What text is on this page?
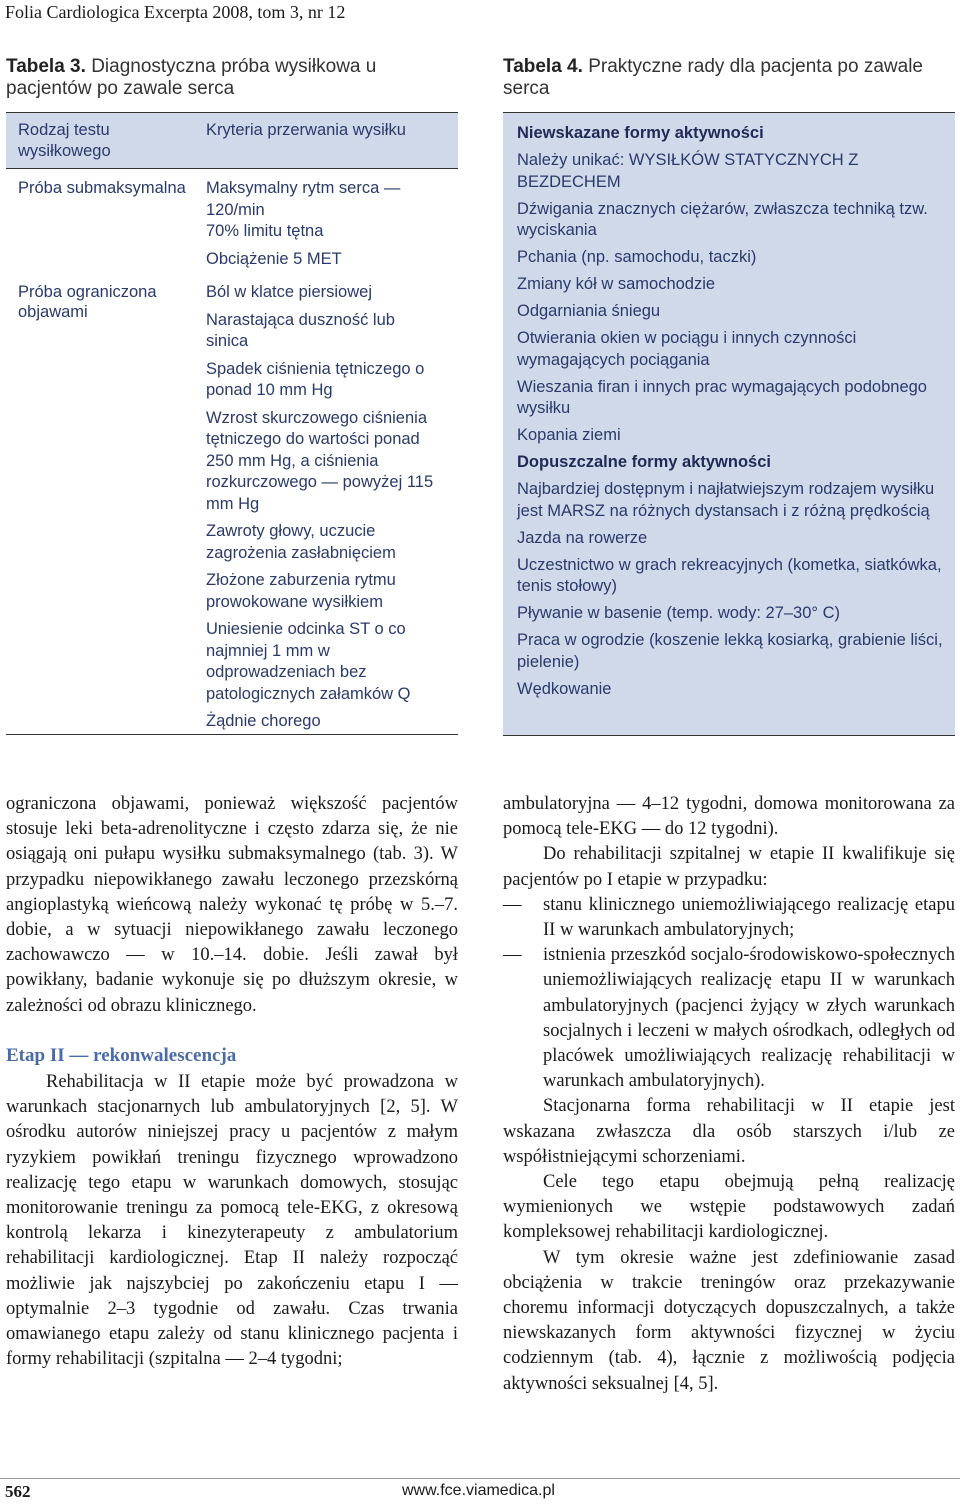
Folia Cardiologica Excerpta 2008, tom 3, nr 12
Tabela 3. Diagnostyczna próba wysiłkowa u pacjentów po zawale serca
Rodzaj testu wysiłkowego
Kryteria przerwania wysiłku
Próba submaksymalna Maksymalny rytm serca — 120/min
70% limitu tętna
Obciążenie 5 MET
Próba ograniczona objawami
Ból w klatce piersiowej
Narastająca duszność lub sinica
Spadek ciśnienia tętniczego o ponad 10 mm Hg
Wzrost skurczowego ciśnienia tętniczego do wartości ponad 250 mm Hg, a ciśnienia rozkurczowego — powyżej 115 mm Hg
Zawroty głowy, uczucie zagrożenia zasłabnięciem
Złożone zaburzenia rytmu prowokowane wysiłkiem
Uniesienie odcinka ST o co najmniej 1 mm w odprowadzeniach bez patologicznych załamków Q
Żądnie chorego
Tabela 4. Praktyczne rady dla pacjenta po zawale serca
Niewskazane formy aktywności
Należy unikać: WYSIŁKÓW STATYCZNYCH Z BEZDECHEM
Dźwigania znacznych ciężarów, zwłaszcza techniką tzw. wyciskania
Pchania (np. samochodu, taczki)
Zmiany kół w samochodzie
Odgarniania śniegu
Otwierania okien w pociągu i innych czynności wymagających pociągania
Wieszania firan i innych prac wymagających podobnego wysiłku
Kopania ziemi
Dopuszczalne formy aktywności
Najbardziej dostępnym i najłatwiejszym rodzajem wysiłku jest MARSZ na różnych dystansach i z różną prędkością
Jazda na rowerze
Uczestnictwo w grach rekreacyjnych (kometka, siatkówka, tenis stołowy)
Pływanie w basenie (temp. wody: 27–30° C)
Praca w ogrodzie (koszenie lekką kosiarką, grabienie liści, pielenie)
Wędkowanie

ograniczona objawami, ponieważ większość pacjentów stosuje leki beta-adrenolityczne i często zdarza się, że nie osiągają oni pułapu wysiłku submaksymalnego (tab. 3). W przypadku niepowikłanego zawału leczonego przezskórną angioplastyką wieńcową należy wykonać tę próbę w 5.–7. dobie, a w sytuacji niepowikłanego zawału leczonego zachowawczo — w 10.–14. dobie. Jeśli zawał był powikłany, badanie wykonuje się po dłuższym okresie, w zależności od obrazu klinicznego.

Etap II — rekonwalescencja

Rehabilitacja w II etapie może być prowadzona w warunkach stacjonarnych lub ambulatoryjnych [2, 5]. W ośrodku autorów niniejszej pracy u pacjentów z małym ryzykiem powikłań treningu fizycznego wprowadzono realizację tego etapu w warunkach domowych, stosując monitorowanie treningu za pomocą tele-EKG, z okresową kontrolą lekarza i kinezyterapeuty z ambulatorium rehabilitacji kardiologicznej. Etap II należy rozpocząć możliwie jak najszybciej po zakończeniu etapu I — optymalnie 2–3 tygodnie od zawału. Czas trwania omawianego etapu zależy od stanu klinicznego pacjenta i formy rehabilitacji (szpitalna — 2–4 tygodni;

ambulatoryjna — 4–12 tygodni, domowa monitorowana za pomocą tele-EKG — do 12 tygodni).

Do rehabilitacji szpitalnej w etapie II kwalifikuje się pacjentów po I etapie w przypadku:

— stanu klinicznego uniemożliwiającego realizację etapu II w warunkach ambulatoryjnych;

— istnienia przeszkód socjalo-środowiskowo-społecznych uniemożliwiających realizację etapu II w warunkach ambulatoryjnych (pacjenci żyjący w złych warunkach socjalnych i leczeni w małych ośrodkach, odległych od placówek umożliwiających realizację rehabilitacji w warunkach ambulatoryjnych).

Stacjonarna forma rehabilitacji w II etapie jest wskazana zwłaszcza dla osób starszych i/lub ze współistniejącymi schorzeniami.

Cele tego etapu obejmują pełną realizację wymienionych we wstępie podstawowych zadań kompleksowej rehabilitacji kardiologicznej.

W tym okresie ważne jest zdefiniowanie zasad obciążenia w trakcie treningów oraz przekazywanie choremu informacji dotyczących dopuszczalnych, a także niewskazanych form aktywności fizycznej w życiu codziennym (tab. 4), łącznie z możliwością podjęcia aktywności seksualnej [4, 5].

562	www.fce.viamedica.pl
